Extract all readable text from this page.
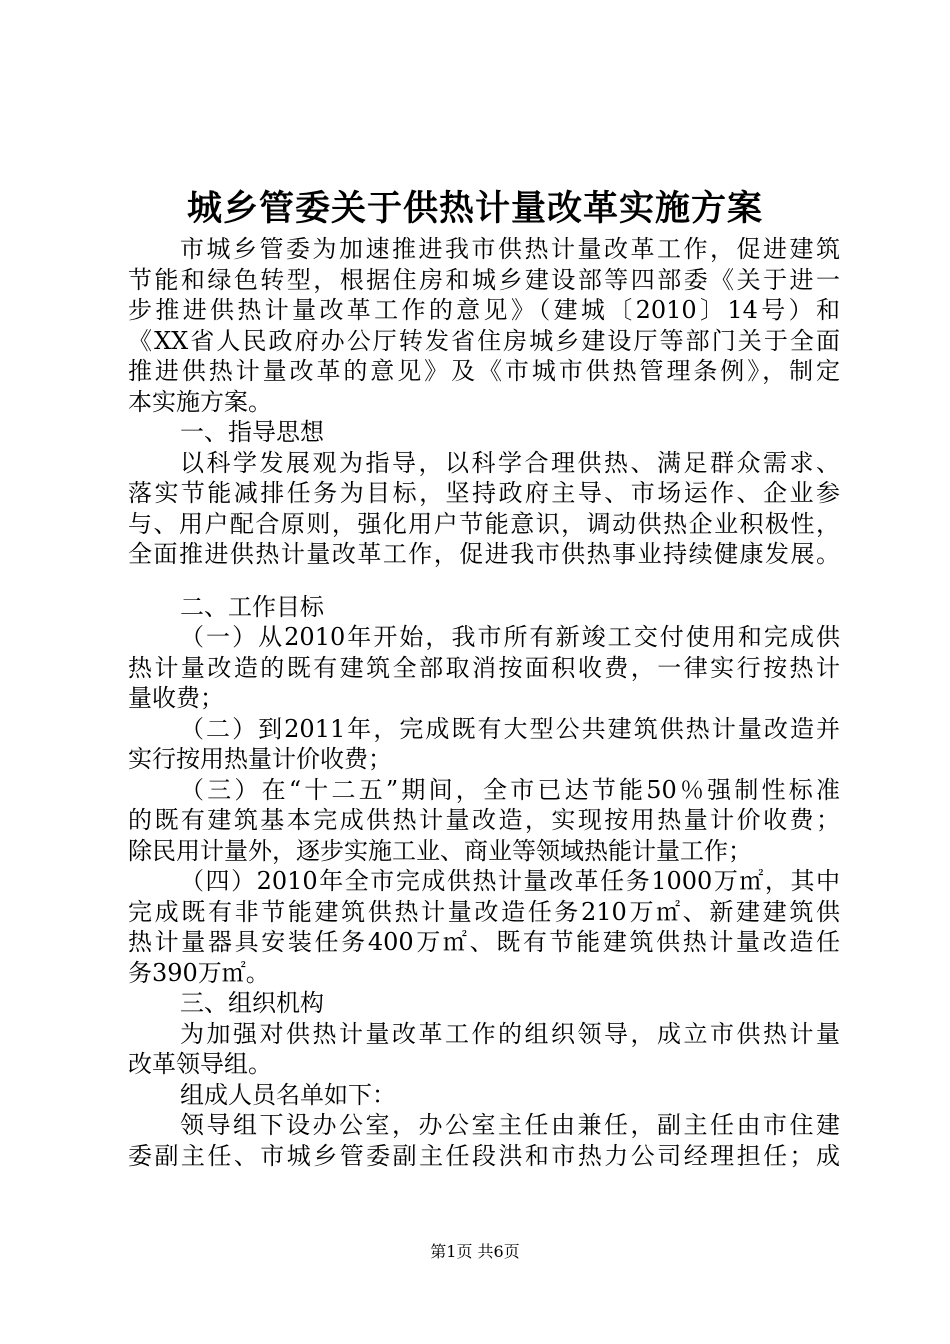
城乡管委关于供热计量改革实施方案
市城乡管委为加速推进我市供热计量改革工作，促进建筑
节能和绿色转型，根据住房和城乡建设部等四部委《关于进一
步推进供热计量改革工作的意见》（建城〔2010〕14号）和
《XX省人民政府办公厅转发省住房城乡建设厅等部门关于全面
推进供热计量改革的意见》及《市城市供热管理条例》，制定
本实施方案。
一、指导思想
以科学发展观为指导，以科学合理供热、满足群众需求、
落实节能减排任务为目标，坚持政府主导、市场运作、企业参
与、用户配合原则，强化用户节能意识，调动供热企业积极性，
全面推进供热计量改革工作，促进我市供热事业持续健康发展。
二、工作目标
（一）从2010年开始，我市所有新竣工交付使用和完成供
热计量改造的既有建筑全部取消按面积收费，一律实行按热计
量收费；
（二）到2011年，完成既有大型公共建筑供热计量改造并
实行按用热量计价收费；
（三）在“十二五”期间，全市已达节能50％强制性标准
的既有建筑基本完成供热计量改造，实现按用热量计价收费；
除民用计量外，逐步实施工业、商业等领域热能计量工作；
（四）2010年全市完成供热计量改革任务1000万㎡，其中
完成既有非节能建筑供热计量改造任务210万㎡、新建建筑供
热计量器具安装任务400万㎡、既有节能建筑供热计量改造任
务390万㎡。
三、组织机构
为加强对供热计量改革工作的组织领导，成立市供热计量
改革领导组。
组成人员名单如下：
领导组下设办公室，办公室主任由兼任，副主任由市住建
委副主任、市城乡管委副主任段洪和市热力公司经理担任；成
第1页 共6页
